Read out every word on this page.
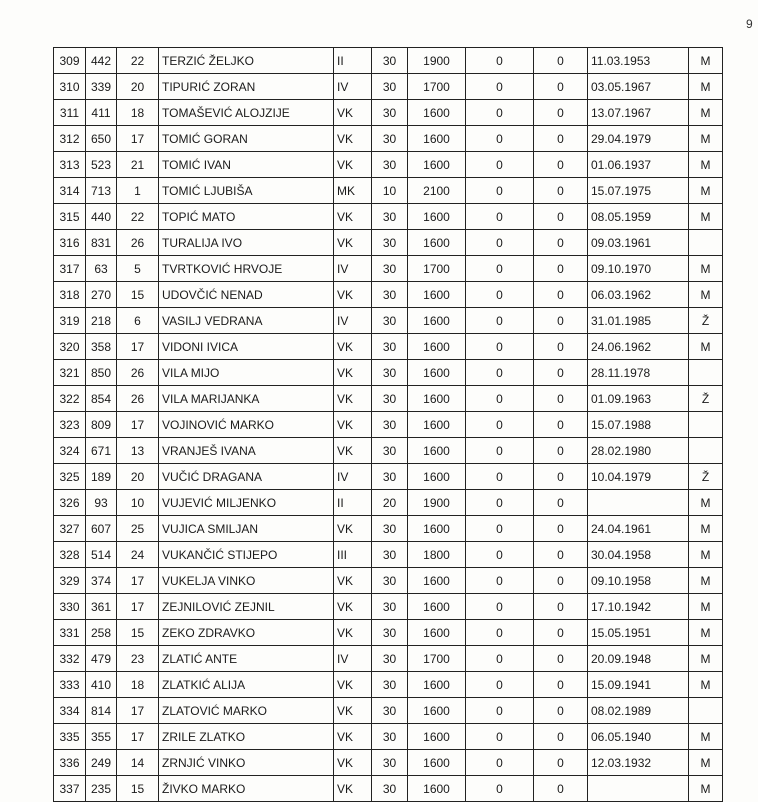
9
309	442	22	TERZIĆ ŽELJKO	II	30	1900	0	0	11.03.1953	M
310	339	20	TIPURIĆ ZORAN	IV	30	1700	0	0	03.05.1967	M
311	411	18	TOMAŠEVIĆ ALOJZIJE	VK	30	1600	0	0	13.07.1967	M
312	650	17	TOMIĆ GORAN	VK	30	1600	0	0	29.04.1979	M
313	523	21	TOMIĆ IVAN	VK	30	1600	0	0	01.06.1937	M
314	713	1	TOMIĆ LJUBIŠA	MK	10	2100	0	0	15.07.1975	M
315	440	22	TOPIĆ MATO	VK	30	1600	0	0	08.05.1959	M
316	831	26	TURALIJA IVO	VK	30	1600	0	0	09.03.1961	
317	63	5	TVRTKOVIĆ HRVOJE	IV	30	1700	0	0	09.10.1970	M
318	270	15	UDOVČIĆ NENAD	VK	30	1600	0	0	06.03.1962	M
319	218	6	VASILJ VEDRANA	IV	30	1600	0	0	31.01.1985	Ž
320	358	17	VIDONI IVICA	VK	30	1600	0	0	24.06.1962	M
321	850	26	VILA MIJO	VK	30	1600	0	0	28.11.1978	
322	854	26	VILA MARIJANKA	VK	30	1600	0	0	01.09.1963	Ž
323	809	17	VOJINOVIĆ MARKO	VK	30	1600	0	0	15.07.1988	
324	671	13	VRANJEŠ IVANA	VK	30	1600	0	0	28.02.1980	
325	189	20	VUČIĆ DRAGANA	IV	30	1600	0	0	10.04.1979	Ž
326	93	10	VUJEVIĆ MILJENKO	II	20	1900	0	0		M
327	607	25	VUJICA SMILJAN	VK	30	1600	0	0	24.04.1961	M
328	514	24	VUKANČIĆ STIJEPO	III	30	1800	0	0	30.04.1958	M
329	374	17	VUKELJA VINKO	VK	30	1600	0	0	09.10.1958	M
330	361	17	ZEJNILOVIĆ ZEJNIL	VK	30	1600	0	0	17.10.1942	M
331	258	15	ZEKO ZDRAVKO	VK	30	1600	0	0	15.05.1951	M
332	479	23	ZLATIĆ ANTE	IV	30	1700	0	0	20.09.1948	M
333	410	18	ZLATKIĆ ALIJA	VK	30	1600	0	0	15.09.1941	M
334	814	17	ZLATOVIĆ MARKO	VK	30	1600	0	0	08.02.1989	
335	355	17	ZRILE ZLATKO	VK	30	1600	0	0	06.05.1940	M
336	249	14	ZRNJIĆ VINKO	VK	30	1600	0	0	12.03.1932	M
337	235	15	ŽIVKO MARKO	VK	30	1600	0	0		M
